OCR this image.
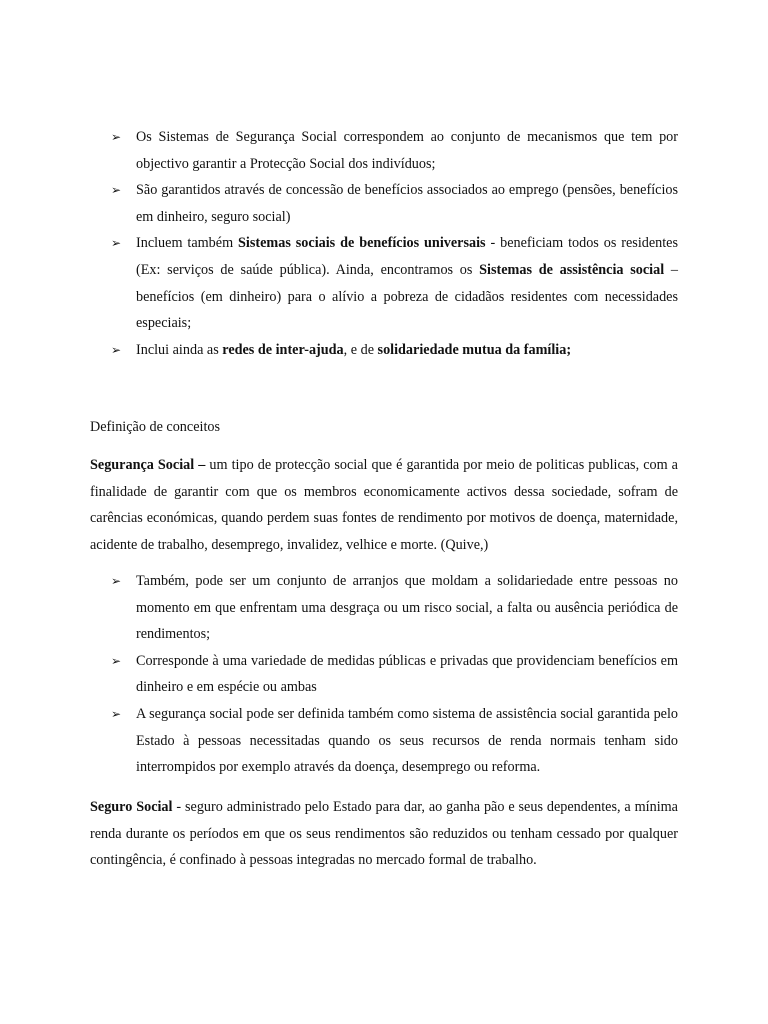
➢ Os Sistemas de Segurança Social correspondem ao conjunto de mecanismos que tem por objectivo garantir a Protecção Social dos indivíduos;
➢ São garantidos através de concessão de benefícios associados ao emprego (pensões, benefícios em dinheiro, seguro social)
➢ Incluem também Sistemas sociais de benefícios universais - beneficiam todos os residentes (Ex: serviços de saúde pública). Ainda, encontramos os Sistemas de assistência social –benefícios (em dinheiro) para o alívio a pobreza de cidadãos residentes com necessidades especiais;
➢ Inclui ainda as redes de inter-ajuda, e de solidariedade mutua da família;

Definição de conceitos

Segurança Social – um tipo de protecção social que é garantida por meio de politicas publicas, com a finalidade de garantir com que os membros economicamente activos dessa sociedade, sofram de carências económicas, quando perdem suas fontes de rendimento por motivos de doença, maternidade, acidente de trabalho, desemprego, invalidez, velhice e morte. (Quive,)

➢ Também, pode ser um conjunto de arranjos que moldam a solidariedade entre pessoas no momento em que enfrentam uma desgraça ou um risco social, a falta ou ausência periódica de rendimentos;
➢ Corresponde à uma variedade de medidas públicas e privadas que providenciam benefícios em dinheiro e em espécie ou ambas
➢ A segurança social pode ser definida também como sistema de assistência social garantida pelo Estado à pessoas necessitadas quando os seus recursos de renda normais tenham sido interrompidos por exemplo através da doença, desemprego ou reforma.

Seguro Social - seguro administrado pelo Estado para dar, ao ganha pão e seus dependentes, a mínima renda durante os períodos em que os seus rendimentos são reduzidos ou tenham cessado por qualquer contingência, é confinado à pessoas integradas no mercado formal de trabalho.
